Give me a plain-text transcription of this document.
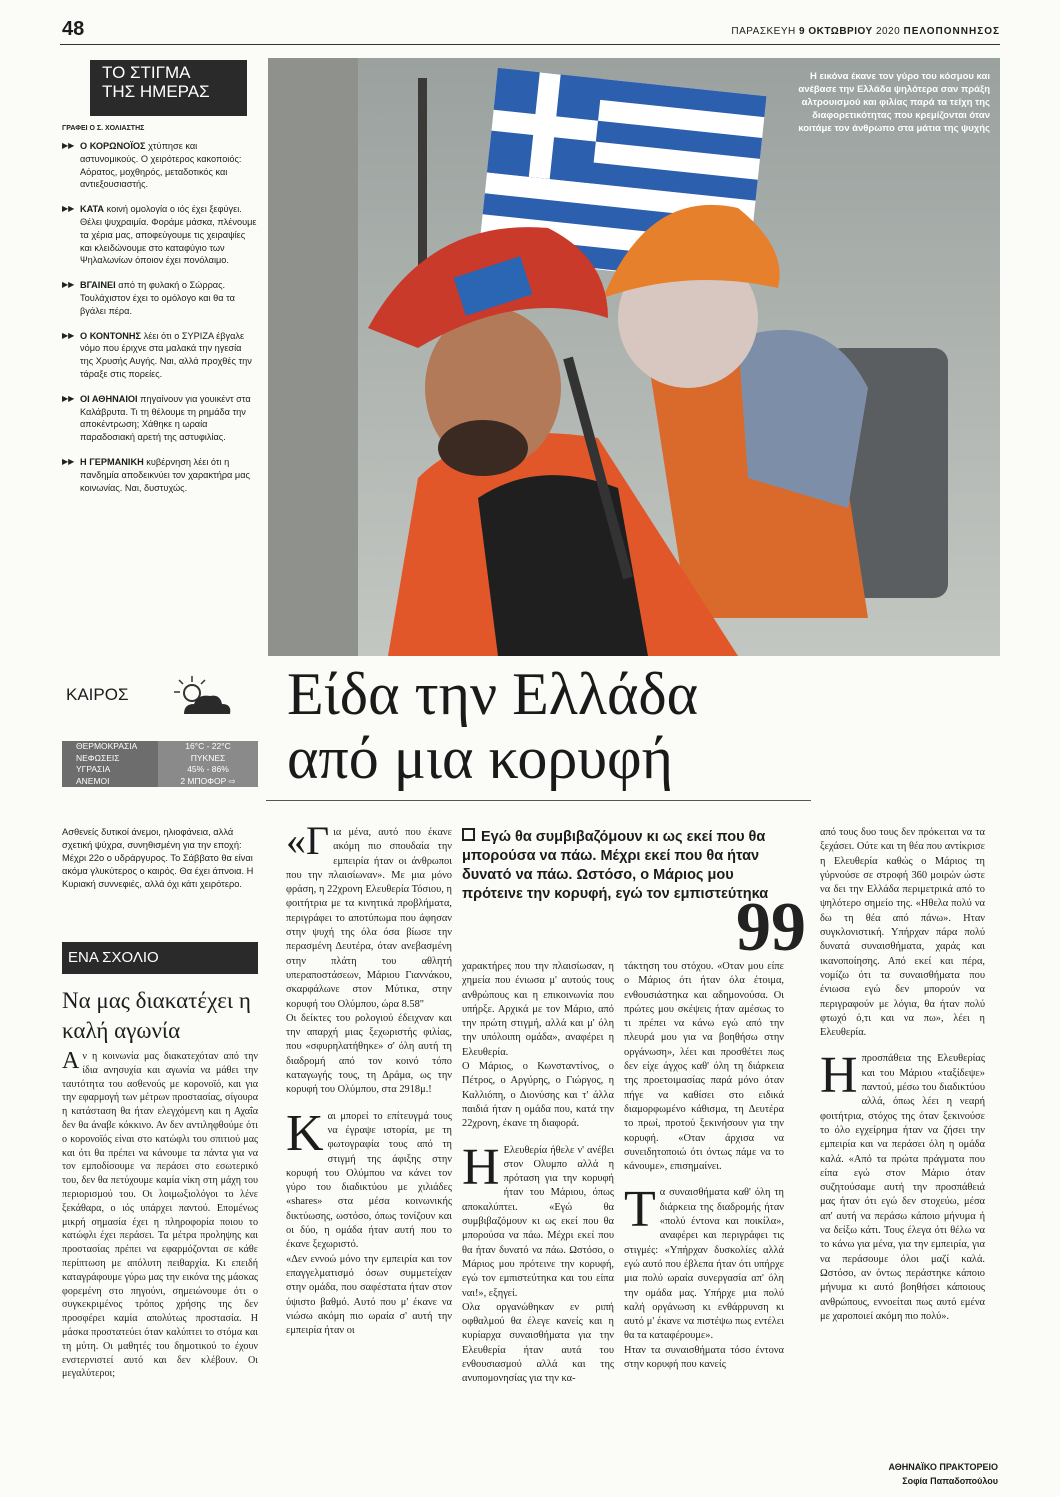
48	ΠΑΡΑΣΚΕΥΗ 9 ΟΚΤΩΒΡΙΟΥ 2020 ΠΕΛΟΠΟΝΝΗΣΟΣ
ΤΟ ΣΤΙΓΜΑ
ΤΗΣ ΗΜΕΡΑΣ
ΓΡΑΦΕΙ Ο Σ. ΧΟΛΙΑΣΤΗΣ
▶▶ Ο ΚΟΡΩΝΟΪΟΣ χτύπησε και αστυνομικούς. Ο χειρότερος κακοποιός: Αόρατος, μοχθηρός, μεταδοτικός και αντιεξουσιαστής.
▶▶ ΚΑΤΑ κοινή ομολογία ο ιός έχει ξεφύγει. Θέλει ψυχραιμία. Φοράμε μάσκα, πλένουμε τα χέρια μας, αποφεύγουμε τις χειραψίες και κλειδώνουμε στο καταφύγιο των Ψηλαλωνίων όποιον έχει πονόλαιμο.
▶▶ ΒΓΑΙΝΕΙ από τη φυλακή ο Σώρρας. Τουλάχιστον έχει το ομόλογο και θα τα βγάλει πέρα.
▶▶ Ο ΚΟΝΤΟΝΗΣ λέει ότι ο ΣΥΡΙΖΑ έβγαλε νόμο που έριχνε στα μαλακά την ηγεσία της Χρυσής Αυγής. Ναι, αλλά προχθές την τάραξε στις πορείες.
▶▶ ΟΙ ΑΘΗΝΑΙΟΙ πηγαίνουν για γουικέντ στα Καλάβρυτα. Τι τη θέλουμε τη ρημάδα την αποκέντρωση; Χάθηκε η ωραία παραδοσιακή αρετή της αστυφιλίας.
▶▶ Η ΓΕΡΜΑΝΙΚΗ κυβέρνηση λέει ότι η πανδημία αποδεικνύει τον χαρακτήρα μας κοινωνίας. Ναι, δυστυχώς.
Η εικόνα έκανε τον γύρο του κόσμου και ανέβασε την Ελλάδα ψηλότερα σαν πράξη αλτρουισμού και φιλίας παρά τα τείχη της διαφορετικότητας που κρεμίζονται όταν κοιτάμε τον άνθρωπο στα μάτια της ψυχής
ΚΑΙΡΟΣ
ΘΕΡΜΟΚΡΑΣΙΑ	16°C - 22°C
ΝΕΦΩΣΕΙΣ	ΠΥΚΝΕΣ
ΥΓΡΑΣΙΑ	45% - 86%
ΑΝΕΜΟΙ	2 ΜΠΟΦΟΡ ⇨
Ασθενείς δυτικοί άνεμοι, ηλιοφάνεια, αλλά σχετική ψύχρα, συνηθισμένη για την εποχή: Μέχρι 22ο ο υδράργυρος. Το Σάββατο θα είναι ακόμα γλυκύτερος ο καιρός. Θα έχει άπνοια. Η Κυριακή συννεφιές, αλλά όχι κάτι χειρότερο.
ΕΝΑ ΣΧΟΛΙΟ
Να μας διακατέχει η καλή αγωνία
Αν η κοινωνία μας διακατεχόταν από την ίδια ανησυχία και αγωνία να μάθει την ταυτότητα του ασθενούς με κορονοϊό, και για την εφαρμογή των μέτρων προστασίας, σίγουρα η κατάσταση θα ήταν ελεγχόμενη και η Αχαΐα δεν θα άναβε κόκκινο. Αν δεν αντιληφθούμε ότι ο κορονοϊός είναι στο κατώφλι του σπιτιού μας και ότι θα πρέπει να κάνουμε τα πάντα για να τον εμποδίσουμε να περάσει στο εσωτερικό του, δεν θα πετύχουμε καμία νίκη στη μάχη του περιορισμού του. Οι λοιμωξιολόγοι το λένε ξεκάθαρα, ο ιός υπάρχει παντού. Επομένως μικρή σημασία έχει η πληροφορία ποιου το κατώφλι έχει περάσει. Τα μέτρα προληψης και προστασίας πρέπει να εφαρμόζονται σε κάθε περίπτωση με απόλυτη πειθαρχία. Κι επειδή καταγράφουμε γύρω μας την εικόνα της μάσκας φορεμένη στο πηγούνι, σημειώνουμε ότι ο συγκεκριμένος τρόπος χρήσης της δεν προσφέρει καμία απολύτως προστασία. Η μάσκα προστατεύει όταν καλύπτει το στόμα και τη μύτη. Οι μαθητές του δημοτικού το έχουν ενστερνιστεί αυτό και δεν κλέβουν. Οι μεγαλύτεροι;
Είδα την Ελλάδα
από μια κορυφή
«Για μένα, αυτό που έκανε ακόμη πιο σπουδαία την εμπειρία ήταν οι άνθρωποι που την πλαισίωναν». Με μια μόνο φράση, η 22χρονη Ελευθερία Τόσιου, η φοιτήτρια με τα κινητικά προβλήματα, περιγράφει το αποτύπωμα που άφησαν στην ψυχή της όλα όσα βίωσε την περασμένη Δευτέρα, όταν ανεβασμένη στην πλάτη του αθλητή υπεραποστάσεων, Μάριου Γιαννάκου, σκαρφάλωνε στον Μύτικα, στην κορυφή του Ολύμπου, ώρα 8.58"
Οι δείκτες του ρολογιού έδειχναν και την απαρχή μιας ξεχωριστής φιλίας, που «σφυρηλατήθηκε» σ' όλη αυτή τη διαδρομή από τον κοινό τόπο καταγωγής τους, τη Δράμα, ως την κορυφή του Ολύμπου, στα 2918μ.!
Και μπορεί το επίτευγμά τους να έγραψε ιστορία, με τη φωτογραφία τους από τη στιγμή της άφιξης στην κορυφή του Ολύμπου να κάνει τον γύρο του διαδικτύου με χιλιάδες «shares» στα μέσα κοινωνικής δικτύωσης, ωστόσο, όπως τονίζουν και οι δύο, η ομάδα ήταν αυτή που το έκανε ξεχωριστό.
«Δεν εννοώ μόνο την εμπειρία και τον επαγγελματισμό όσων συμμετείχαν στην ομάδα, που σαφέστατα ήταν στον ύψιστο βαθμό. Αυτό που μ' έκανε να νιώσω ακόμη πιο ωραία σ' αυτή την εμπειρία ήταν οι
Εγώ θα συμβιβαζόμουν κι ως εκεί που θα μπορούσα να πάω. Μέχρι εκεί που θα ήταν δυνατό να πάω. Ωστόσο, ο Μάριος μου πρότεινε την κορυφή, εγώ τον εμπιστεύτηκα
99
χαρακτήρες που την πλαισίωσαν, η χημεία που ένιωσα μ' αυτούς τους ανθρώπους και η επικοινωνία που υπήρξε. Αρχικά με τον Μάριο, από την πρώτη στιγμή, αλλά και μ' όλη την υπόλοιπη ομάδα», αναφέρει η Ελευθερία.
Ο Μάριος, ο Κωνσταντίνος, ο Πέτρος, ο Αργύρης, ο Γιώργος, η Καλλιόπη, ο Διονύσης και τ' άλλα παιδιά ήταν η ομάδα που, κατά την 22χρονη, έκανε τη διαφορά.
Η Ελευθερία ήθελε ν' ανέβει στον Ολυμπο αλλά η πρόταση για την κορυφή ήταν του Μάριου, όπως αποκαλύπτει. «Εγώ θα συμβιβαζόμουν κι ως εκεί που θα μπορούσα να πάω. Μέχρι εκεί που θα ήταν δυνατό να πάω. Ωστόσο, ο Μάριος μου πρότεινε την κορυφή, εγώ τον εμπιστεύτηκα και του είπα ναι!», εξηγεί.
Ολα οργανώθηκαν εν ριπή οφθαλμού θα έλεγε κανείς και η κυρίαρχα συναισθήματα για την Ελευθερία ήταν αυτά του ενθουσιασμού αλλά και της ανυπομονησίας για την κα-
τάκτηση του στόχου. «Οταν μου είπε ο Μάριος ότι ήταν όλα έτοιμα, ενθουσιάστηκα και αδημονούσα. Οι πρώτες μου σκέψεις ήταν αμέσως το τι πρέπει να κάνω εγώ από την πλευρά μου για να βοηθήσω στην οργάνωση», λέει και προσθέτει πως δεν είχε άγχος καθ' όλη τη διάρκεια της προετοιμασίας παρά μόνο όταν πήγε να καθίσει στο ειδικά διαμορφωμένο κάθισμα, τη Δευτέρα το πρωί, προτού ξεκινήσουν για την κορυφή. «Οταν άρχισα να συνειδητοποιώ ότι όντως πάμε να το κάνουμε», επισημαίνει.
Τα συναισθήματα καθ' όλη τη διάρκεια της διαδρομής ήταν «πολύ έντονα και ποικίλα», αναφέρει και περιγράφει τις στιγμές: «Υπήρχαν δυσκολίες αλλά εγώ αυτό που έβλεπα ήταν ότι υπήρχε μια πολύ ωραία συνεργασία απ' όλη την ομάδα μας. Υπήρχε μια πολύ καλή οργάνωση κι ενθάρρυνση κι αυτό μ' έκανε να πιστέψω πως εντέλει θα τα καταφέρουμε».
Ηταν τα συναισθήματα τόσο έντονα στην κορυφή που κανείς
από τους δυο τους δεν πρόκειται να τα ξεχάσει. Ούτε και τη θέα που αντίκρισε η Ελευθερία καθώς ο Μάριος τη γύρνούσε σε στροφή 360 μοιρών ώστε να δει την Ελλάδα περιμετρικά από το ψηλότερο σημείο της. «Ηθελα πολύ να δω τη θέα από πάνω». Ηταν συγκλονιστική. Υπήρχαν πάρα πολύ δυνατά συναισθήματα, χαράς και ικανοποίησης. Από εκεί και πέρα, νομίζω ότι τα συναισθήματα που ένιωσα εγώ δεν μπορούν να περιγραφούν με λόγια, θα ήταν πολύ φτωχό ό,τι και να πω», λέει η Ελευθερία.
Η προσπάθεια της Ελευθερίας και του Μάριου «ταξίδεψε» παντού, μέσω του διαδικτύου αλλά, όπως λέει η νεαρή φοιτήτρια, στόχος της όταν ξεκινούσε το όλο εγχείρημα ήταν να ζήσει την εμπειρία και να περάσει όλη η ομάδα καλά. «Από τα πρώτα πράγματα που είπα εγώ στον Μάριο όταν συζητούσαμε αυτή την προσπάθειά μας ήταν ότι εγώ δεν στοχεύω, μέσα απ' αυτή να περάσω κάποιο μήνυμα ή να δείξω κάτι. Τους έλεγα ότι θέλω να το κάνω για μένα, για την εμπειρία, για να περάσουμε όλοι μαζί καλά. Ωστόσο, αν όντως περάστηκε κάποιο μήνυμα κι αυτό βοηθήσει κάποιους ανθρώπους, εννοείται πως αυτό εμένα με χαροποιεί ακόμη πιο πολύ».
ΑΘΗΝΑΪΚΟ ΠΡΑΚΤΟΡΕΙΟ
Σοφία Παπαδοπούλου
